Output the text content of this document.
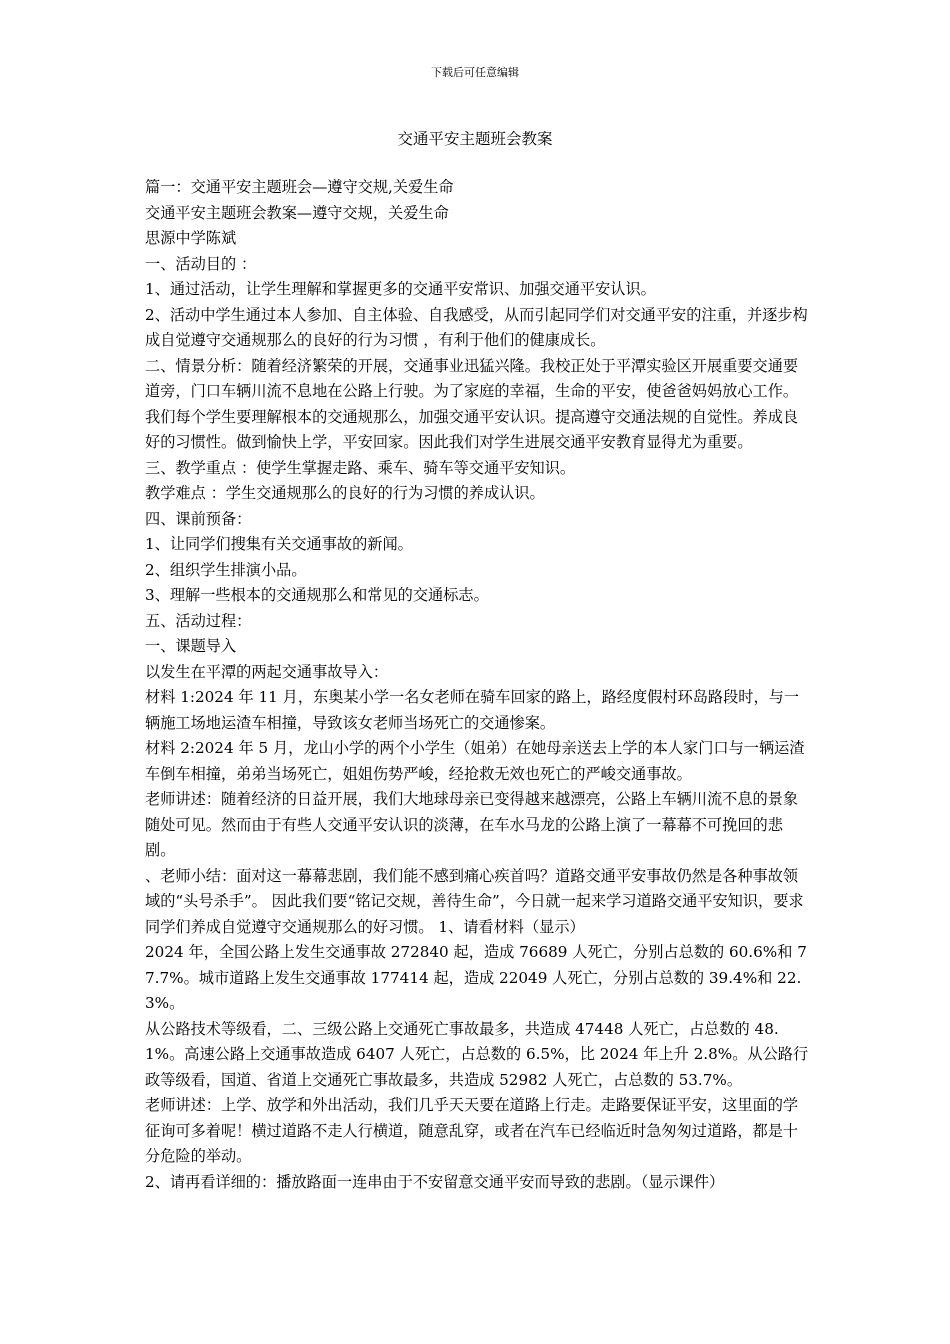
下载后可任意编辑
交通平安主题班会教案

篇一：交通平安主题班会—遵守交规,关爱生命

交通平安主题班会教案—遵守交规，关爱生命

思源中学陈斌

一、活动目的 ：

1、通过活动，让学生理解和掌握更多的交通平安常识、加强交通平安认识。

2、活动中学生通过本人参加、自主体验、自我感受，从而引起同学们对交通平安的注重，并逐步构成自觉遵守交通规那么的良好的行为习惯 ，有利于他们的健康成长。

二、情景分析：随着经济繁荣的开展，交通事业迅猛兴隆。我校正处于平潭实验区开展重要交通要道旁，门口车辆川流不息地在公路上行驶。为了家庭的幸福，生命的平安，使爸爸妈妈放心工作。我们每个学生要理解根本的交通规那么，加强交通平安认识。提高遵守交通法规的自觉性。养成良好的习惯性。做到愉快上学，平安回家。因此我们对学生进展交通平安教育显得尤为重要。

三、教学重点 ：使学生掌握走路、乘车、骑车等交通平安知识。

教学难点 ：学生交通规那么的良好的行为习惯的养成认识。

四、课前预备：

1、让同学们搜集有关交通事故的新闻。

2、组织学生排演小品。

3、理解一些根本的交通规那么和常见的交通标志。

五、活动过程：

一、课题导入

以发生在平潭的两起交通事故导入：

材料 1:2024 年 11 月，东奥某小学一名女老师在骑车回家的路上，路经度假村环岛路段时，与一辆施工场地运渣车相撞，导致该女老师当场死亡的交通惨案。

材料 2:2024 年 5 月，龙山小学的两个小学生（姐弟）在她母亲送去上学的本人家门口与一辆运渣车倒车相撞，弟弟当场死亡，姐姐伤势严峻，经抢救无效也死亡的严峻交通事故。

老师讲述：随着经济的日益开展，我们大地球母亲已变得越来越漂亮，公路上车辆川流不息的景象随处可见。然而由于有些人交通平安认识的淡薄，在车水马龙的公路上演了一幕幕不可挽回的悲剧。

、老师小结：面对这一幕幕悲剧，我们能不感到痛心疾首吗？道路交通平安事故仍然是各种事故领域的“头号杀手”。 因此我们要“铭记交规，善待生命”，今日就一起来学习道路交通平安知识，要求同学们养成自觉遵守交通规那么的好习惯。 1、请看材料（显示）

2024 年，全国公路上发生交通事故 272840 起，造成 76689 人死亡，分别占总数的 60.6%和 77.7%。城市道路上发生交通事故 177414 起，造成 22049 人死亡，分别占总数的 39.4%和 22.3%。

从公路技术等级看，二、三级公路上交通死亡事故最多，共造成 47448 人死亡，占总数的 48.1%。高速公路上交通事故造成 6407 人死亡，占总数的 6.5%，比 2024 年上升 2.8%。从公路行政等级看，国道、省道上交通死亡事故最多，共造成 52982 人死亡，占总数的 53.7%。

老师讲述：上学、放学和外出活动，我们几乎天天要在道路上行走。走路要保证平安，这里面的学征询可多着呢！横过道路不走人行横道，随意乱穿，或者在汽车已经临近时急匆匆过道路，都是十分危险的举动。

2、请再看详细的：播放路面一连串由于不安留意交通平安而导致的悲剧。（显示课件）
